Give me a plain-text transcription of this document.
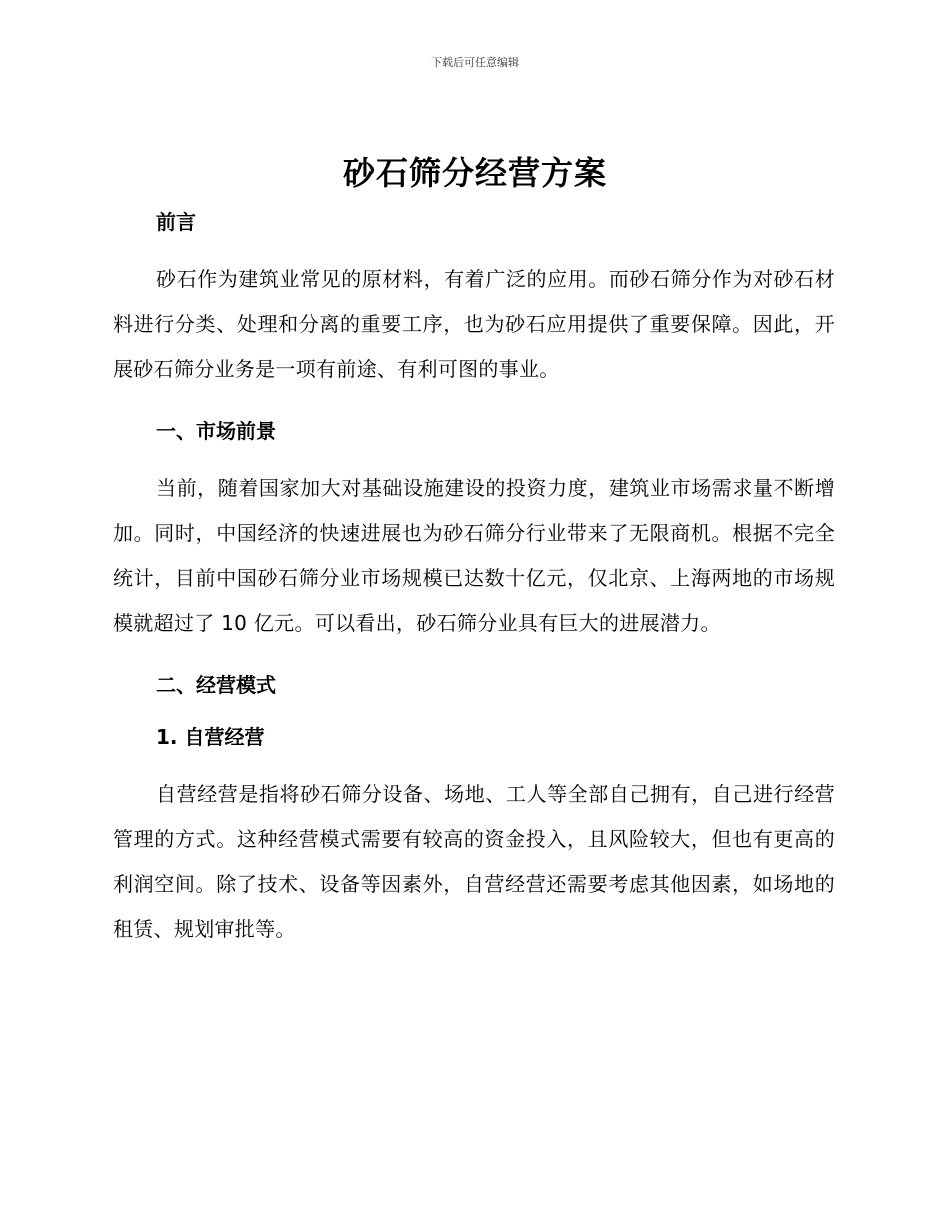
下载后可任意编辑
砂石筛分经营方案
前言

砂石作为建筑业常见的原材料，有着广泛的应用。而砂石筛分作为对砂石材料进行分类、处理和分离的重要工序，也为砂石应用提供了重要保障。因此，开展砂石筛分业务是一项有前途、有利可图的事业。

一、市场前景

当前，随着国家加大对基础设施建设的投资力度，建筑业市场需求量不断增加。同时，中国经济的快速进展也为砂石筛分行业带来了无限商机。根据不完全统计，目前中国砂石筛分业市场规模已达数十亿元，仅北京、上海两地的市场规模就超过了 10 亿元。可以看出，砂石筛分业具有巨大的进展潜力。

二、经营模式
1. 自营经营

自营经营是指将砂石筛分设备、场地、工人等全部自己拥有，自己进行经营管理的方式。这种经营模式需要有较高的资金投入，且风险较大，但也有更高的利润空间。除了技术、设备等因素外，自营经营还需要考虑其他因素，如场地的租赁、规划审批等。
